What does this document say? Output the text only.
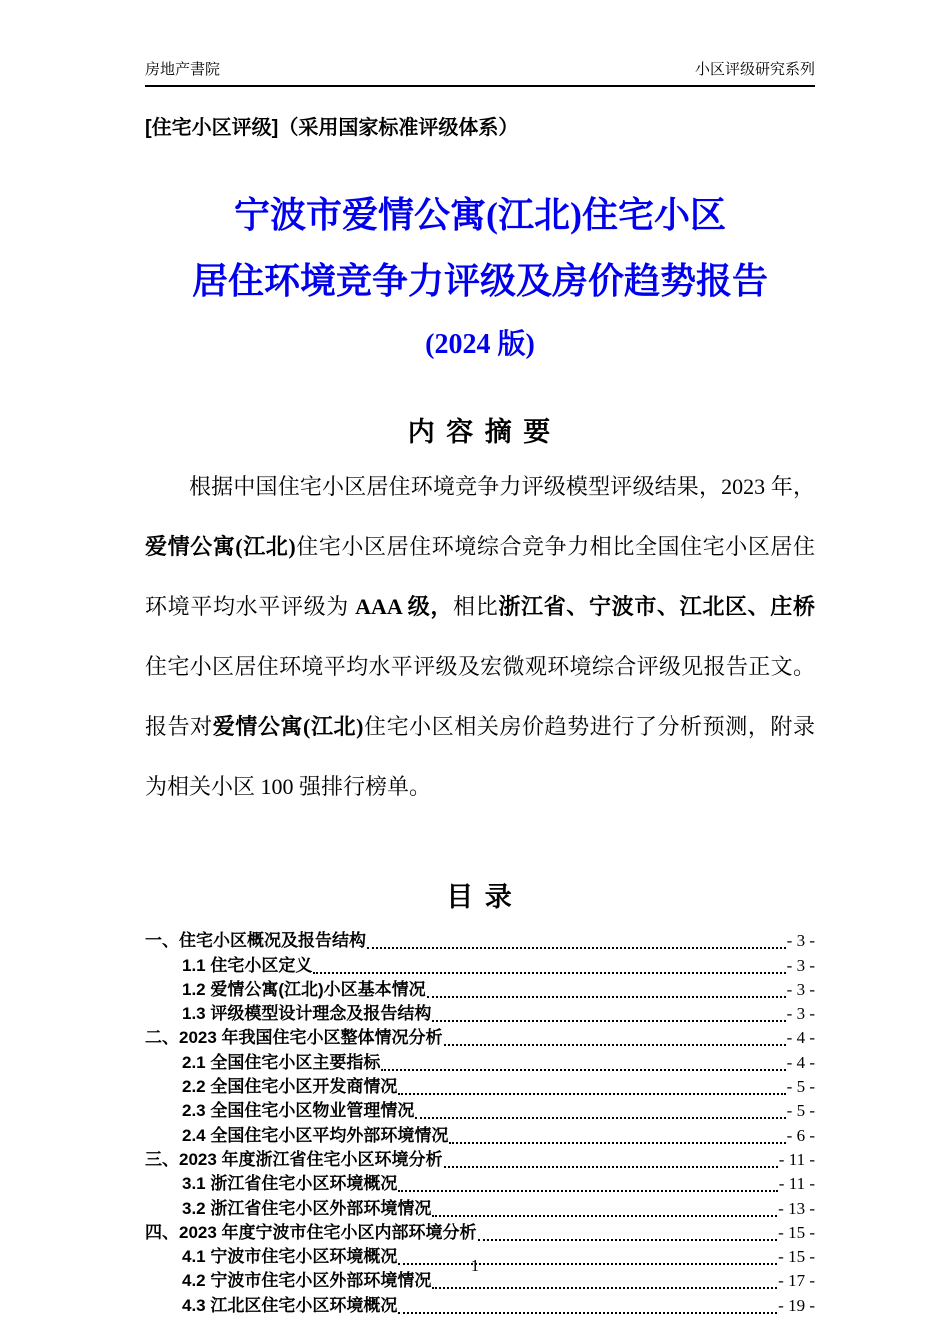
房地产書院	小区评级研究系列
[住宅小区评级]（采用国家标准评级体系）
宁波市爱情公寓(江北)住宅小区
居住环境竞争力评级及房价趋势报告
(2024 版)
内 容 摘 要

根据中国住宅小区居住环境竞争力评级模型评级结果，2023 年，爱情公寓(江北)住宅小区居住环境综合竞争力相比全国住宅小区居住环境平均水平评级为 AAA 级，相比浙江省、宁波市、江北区、庄桥住宅小区居住环境平均水平评级及宏微观环境综合评级见报告正文。报告对爱情公寓(江北)住宅小区相关房价趋势进行了分析预测，附录为相关小区 100 强排行榜单。

目 录
一、住宅小区概况及报告结构	- 3 -
1.1 住宅小区定义	- 3 -
1.2 爱情公寓(江北)小区基本情况	- 3 -
1.3 评级模型设计理念及报告结构	- 3 -
二、2023 年我国住宅小区整体情况分析	- 4 -
2.1 全国住宅小区主要指标	- 4 -
2.2 全国住宅小区开发商情况	- 5 -
2.3 全国住宅小区物业管理情况	- 5 -
2.4 全国住宅小区平均外部环境情况	- 6 -
三、2023 年度浙江省住宅小区环境分析	- 11 -
3.1 浙江省住宅小区环境概况	- 11 -
3.2 浙江省住宅小区外部环境情况	- 13 -
四、2023 年度宁波市住宅小区内部环境分析	- 15 -
4.1 宁波市住宅小区环境概况	- 15 -
4.2 宁波市住宅小区外部环境情况	- 17 -
4.3 江北区住宅小区环境概况	- 19 -
1
